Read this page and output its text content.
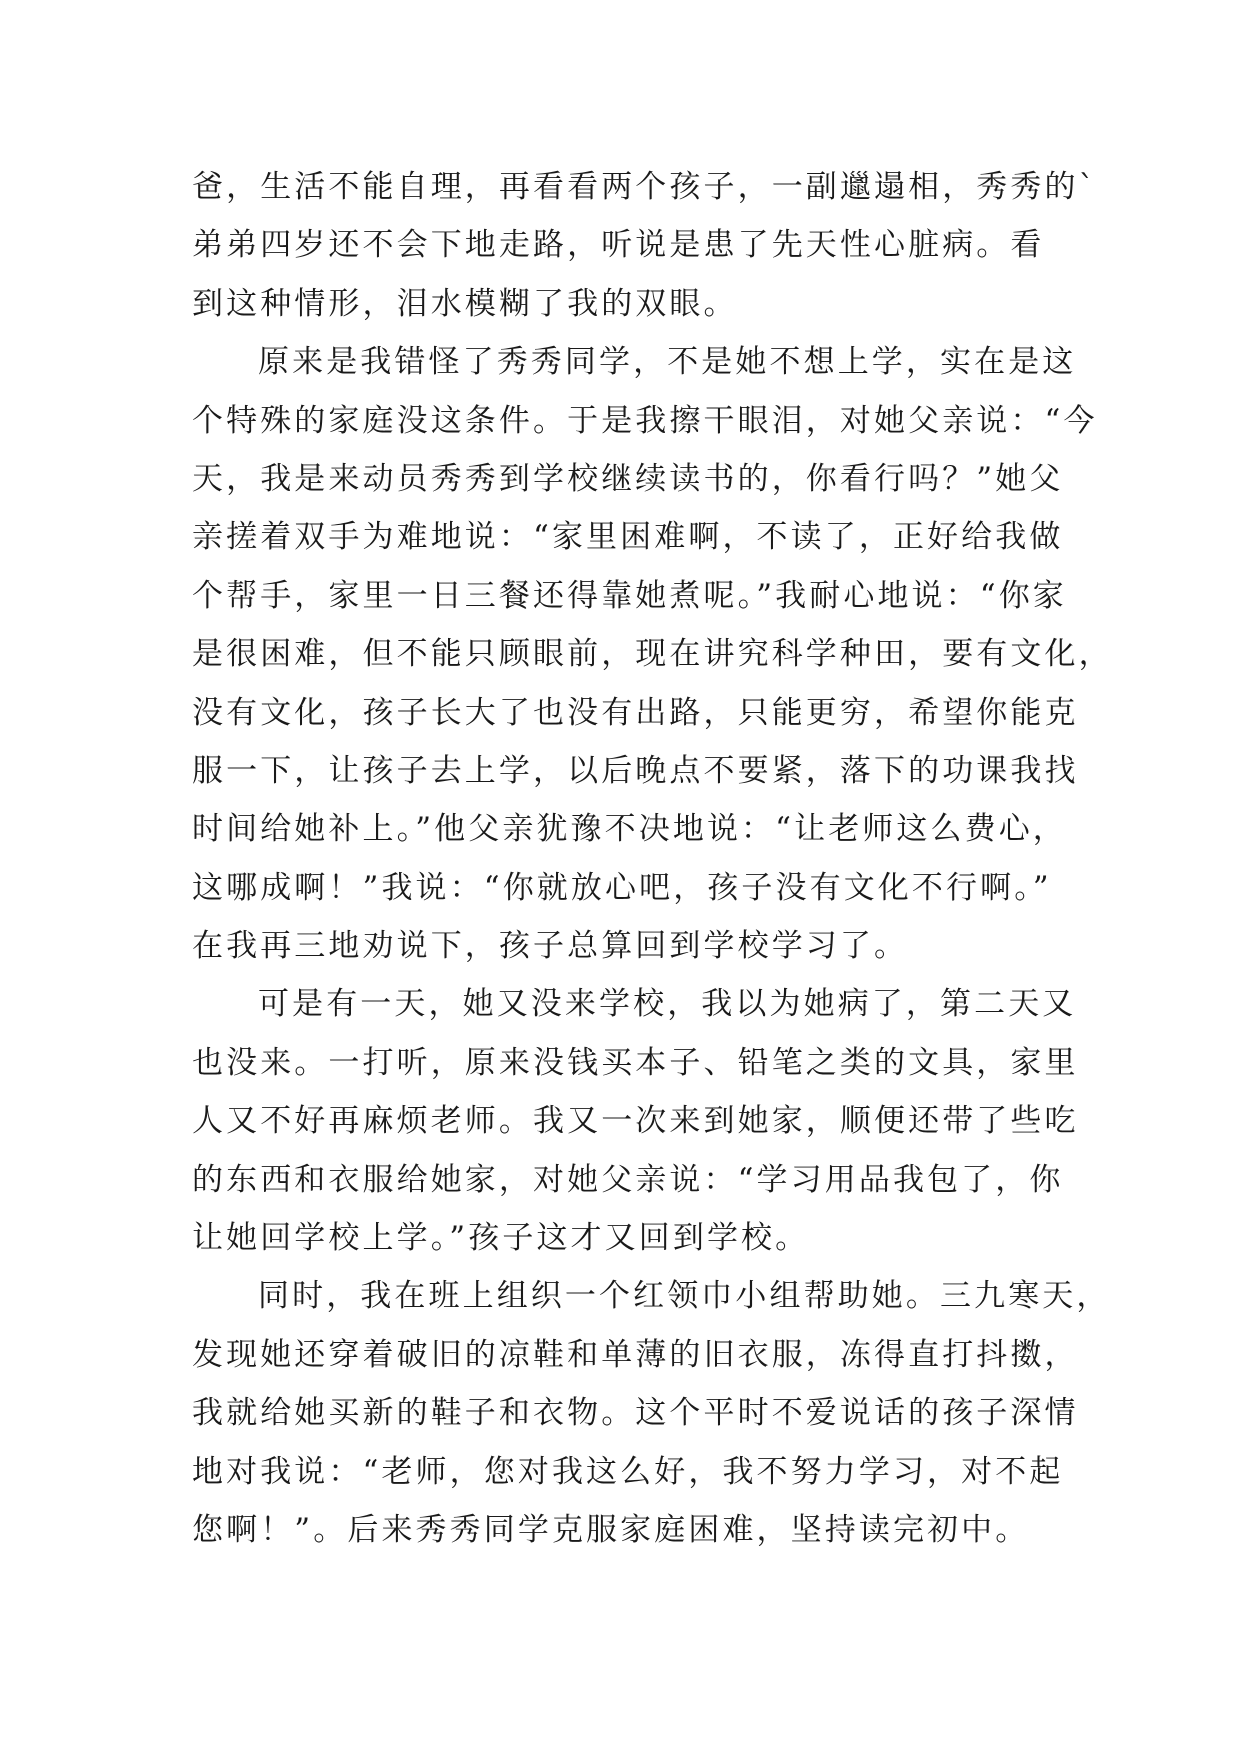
爸，生活不能自理，再看看两个孩子，一副邋遢相，秀秀的`
弟弟四岁还不会下地走路，听说是患了先天性心脏病。看
到这种情形，泪水模糊了我的双眼。
原来是我错怪了秀秀同学，不是她不想上学，实在是这
个特殊的家庭没这条件。于是我擦干眼泪，对她父亲说：“今
天，我是来动员秀秀到学校继续读书的，你看行吗？”她父
亲搓着双手为难地说：“家里困难啊，不读了，正好给我做
个帮手，家里一日三餐还得靠她煮呢。”我耐心地说：“你家
是很困难，但不能只顾眼前，现在讲究科学种田，要有文化，
没有文化，孩子长大了也没有出路，只能更穷，希望你能克
服一下，让孩子去上学，以后晚点不要紧，落下的功课我找
时间给她补上。”他父亲犹豫不决地说：“让老师这么费心，
这哪成啊！”我说：“你就放心吧，孩子没有文化不行啊。”
在我再三地劝说下，孩子总算回到学校学习了。
可是有一天，她又没来学校，我以为她病了，第二天又
也没来。一打听，原来没钱买本子、铅笔之类的文具，家里
人又不好再麻烦老师。我又一次来到她家，顺便还带了些吃
的东西和衣服给她家，对她父亲说：“学习用品我包了，你
让她回学校上学。”孩子这才又回到学校。
同时，我在班上组织一个红领巾小组帮助她。三九寒天，
发现她还穿着破旧的凉鞋和单薄的旧衣服，冻得直打抖擞，
我就给她买新的鞋子和衣物。这个平时不爱说话的孩子深情
地对我说：“老师，您对我这么好，我不努力学习，对不起
您啊！”。后来秀秀同学克服家庭困难，坚持读完初中。
